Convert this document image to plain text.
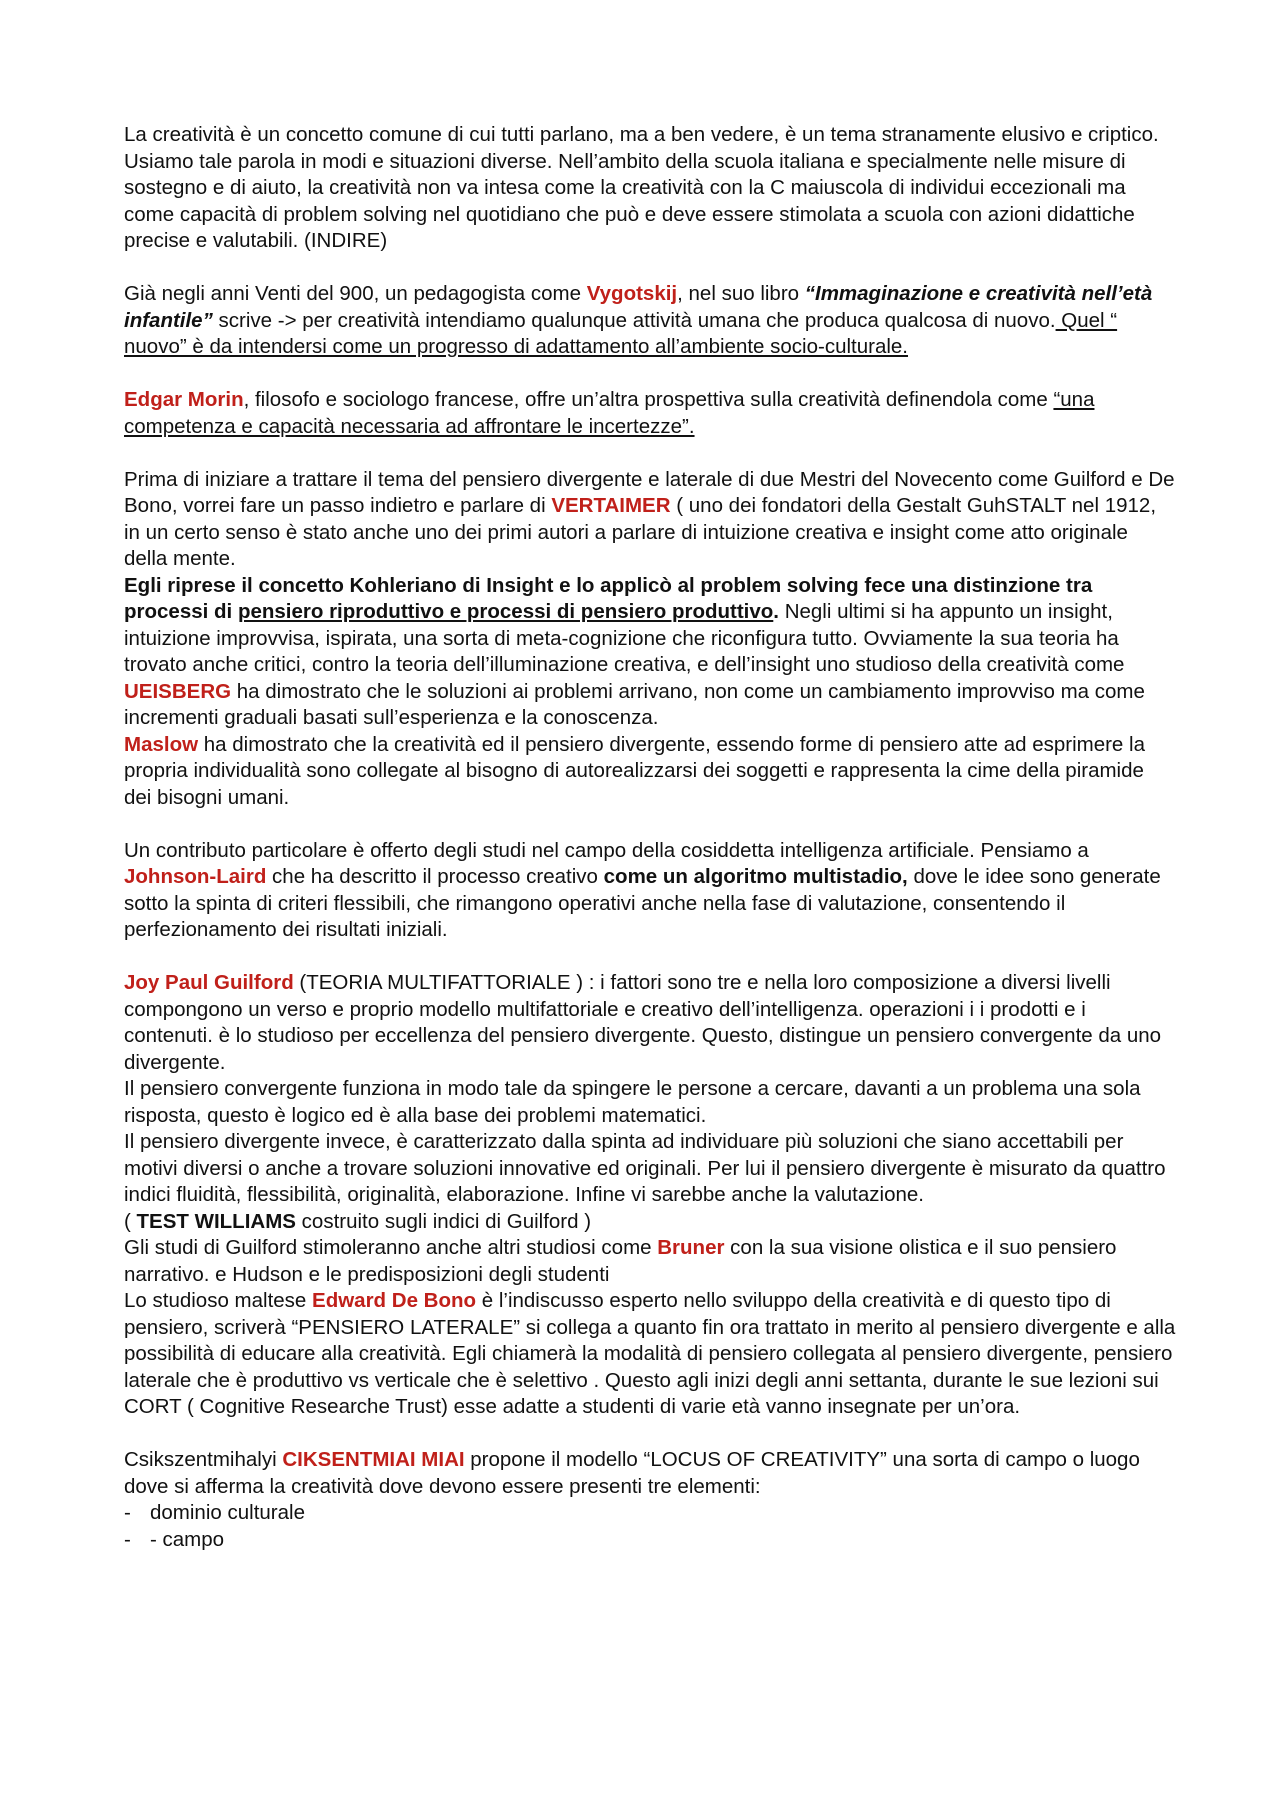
La creatività è un concetto comune di cui tutti parlano, ma a ben vedere, è un tema stranamente elusivo e criptico.
Usiamo tale parola in modi e situazioni diverse. Nell’ambito della scuola italiana e specialmente nelle misure di sostegno e di aiuto, la creatività non va intesa come la creatività con la C maiuscola di individui eccezionali ma come capacità di problem solving nel quotidiano che può e deve essere stimolata a scuola con azioni didattiche precise e valutabili. (INDIRE)

Già negli anni Venti del 900, un pedagogista come Vygotskij, nel suo libro “Immaginazione e creatività nell’età infantile” scrive -> per creatività intendiamo qualunque attività umana che produca qualcosa di nuovo. Quel “ nuovo” è da intendersi come un progresso di adattamento all’ambiente socio-culturale.

Edgar Morin, filosofo e sociologo francese, offre un’altra prospettiva sulla creatività definendola come “una competenza e capacità necessaria ad affrontare le incertezze”.

Prima di iniziare a trattare il tema del pensiero divergente e laterale di due Mestri del Novecento come Guilford e De Bono, vorrei fare un passo indietro e parlare di VERTAIMER ( uno dei fondatori della Gestalt GuhSTALT nel 1912, in un certo senso è stato anche uno dei primi autori a parlare di intuizione creativa e insight come atto originale della mente.
Egli riprese il concetto Kohleriano di Insight e lo applicò al problem solving fece una distinzione tra processi di pensiero riproduttivo e processi di pensiero produttivo. Negli ultimi si ha appunto un insight, intuizione improvvisa, ispirata, una sorta di meta-cognizione che riconfigura tutto. Ovviamente la sua teoria ha trovato anche critici, contro la teoria dell’illuminazione creativa, e dell’insight uno studioso della creatività come UEISBERG ha dimostrato che le soluzioni ai problemi arrivano, non come un cambiamento improvviso ma come incrementi graduali basati sull’esperienza e la conoscenza.
Maslow ha dimostrato che la creatività ed il pensiero divergente, essendo forme di pensiero atte ad esprimere la propria individualità sono collegate al bisogno di autorealizzarsi dei soggetti e rappresenta la cime della piramide dei bisogni umani.

Un contributo particolare è offerto degli studi nel campo della cosiddetta intelligenza artificiale. Pensiamo a Johnson-Laird che ha descritto il processo creativo come un algoritmo multistadio, dove le idee sono generate sotto la spinta di criteri flessibili, che rimangono operativi anche nella fase di valutazione, consentendo il perfezionamento dei risultati iniziali.

Joy Paul Guilford (TEORIA MULTIFATTORIALE ) : i fattori sono tre e nella loro composizione a diversi livelli compongono un verso e proprio modello multifattoriale e creativo dell’intelligenza. operazioni i i prodotti e i contenuti. è lo studioso per eccellenza del pensiero divergente. Questo, distingue un pensiero convergente da uno divergente.
Il pensiero convergente funziona in modo tale da spingere le persone a cercare, davanti a un problema una sola risposta, questo è logico ed è alla base dei problemi matematici.
Il pensiero divergente invece, è caratterizzato dalla spinta ad individuare più soluzioni che siano accettabili per motivi diversi o anche a trovare soluzioni innovative ed originali. Per lui il pensiero divergente è misurato da quattro indici fluidità, flessibilità, originalità, elaborazione. Infine vi sarebbe anche la valutazione.
( TEST WILLIAMS costruito sugli indici di Guilford )
Gli studi di Guilford stimoleranno anche altri studiosi come Bruner con la sua visione olistica e il suo pensiero narrativo. e Hudson e le predisposizioni degli studenti
Lo studioso maltese Edward De Bono è l’indiscusso esperto nello sviluppo della creatività e di questo tipo di pensiero, scriverà “PENSIERO LATERALE” si collega a quanto fin ora trattato in merito al pensiero divergente e alla possibilità di educare alla creatività. Egli chiamerà la modalità di pensiero collegata al pensiero divergente, pensiero laterale che è produttivo vs verticale che è selettivo . Questo agli inizi degli anni settanta, durante le sue lezioni sui CORT ( Cognitive Researche Trust) esse adatte a studenti di varie età vanno insegnate per un’ora.

Csikszentmihalyi CIKSENTMIAI MIAI propone il modello “LOCUS OF CREATIVITY” una sorta di campo o luogo dove si afferma la creatività dove devono essere presenti tre elementi:

- dominio culturale
- - campo
